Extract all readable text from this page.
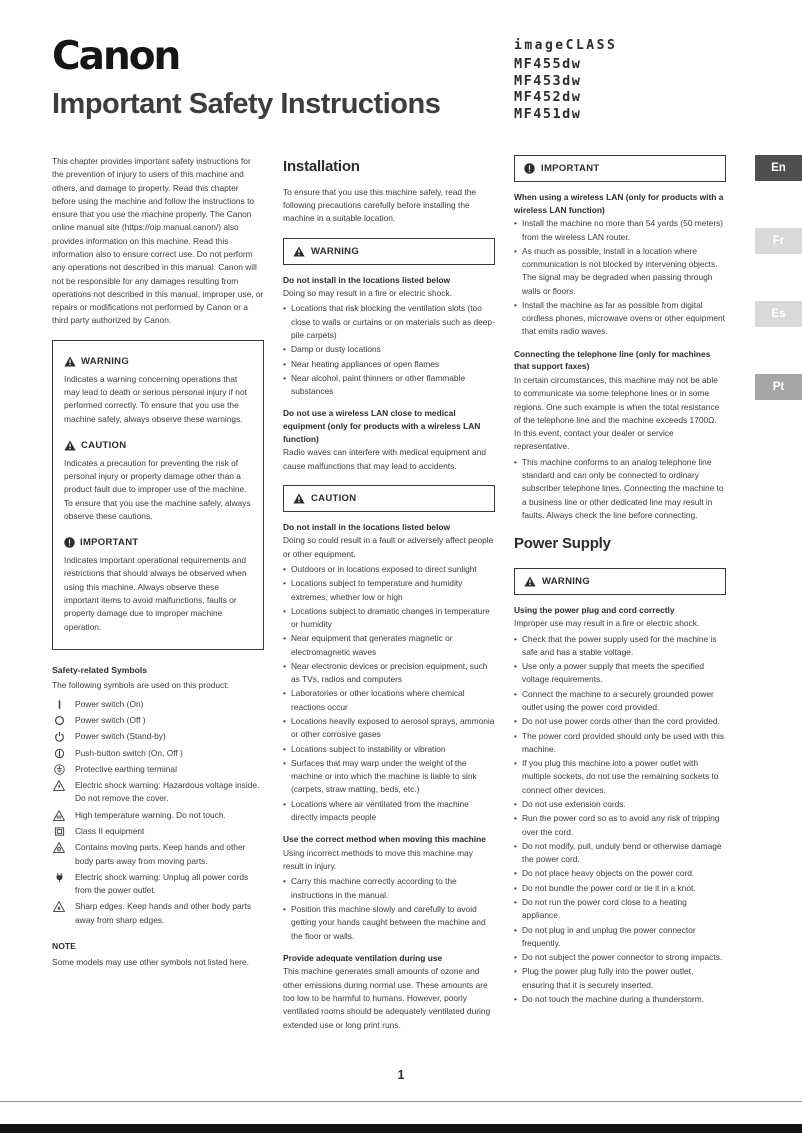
Canon
Important Safety Instructions
imageCLASS
MF455dw
MF453dw
MF452dw
MF451dw
En
Fr
Es
Pt

This chapter provides important safety instructions for the prevention of injury to users of this machine and others, and damage to property. Read this chapter before using the machine and follow the instructions to ensure that you use the machine properly. The Canon online manual site (https://oip.manual.canon/) also provides information on this machine. Read this information also to ensure correct use. Do not perform any operations not described in this manual. Canon will not be responsible for any damages resulting from operations not described in this manual, improper use, or repairs or modifications not performed by Canon or a third party authorized by Canon.

WARNING

Indicates a warning concerning operations that may lead to death or serious personal injury if not performed correctly. To ensure that you use the machine safely, always observe these warnings.

CAUTION

Indicates a precaution for preventing the risk of personal injury or property damage other than a product fault due to improper use of the machine. To ensure that you use the machine safely, always observe these cautions.

IMPORTANT

Indicates important operational requirements and restrictions that should always be observed when using this machine. Always observe these important items to avoid malfunctions, faults or property damage due to improper machine operation.

Safety-related Symbols

The following symbols are used on this product:

Power switch (On)
Power switch (Off )
Power switch (Stand-by)
Push-button switch (On, Off )
Protective earthing terminal
Electric shock warning: Hazardous voltage inside. Do not remove the cover.
High temperature warning. Do not touch.
Class II equipment
Contains moving parts. Keep hands and other body parts away from moving parts.
Electric shock warning: Unplug all power cords from the power outlet.
Sharp edges. Keep hands and other body parts away from sharp edges.
NOTE

Some models may use other symbols not listed here.

Installation

To ensure that you use this machine safely, read the following precautions carefully before installing the machine in a suitable location.

WARNING
Do not install in the locations listed below

Doing so may result in a fire or electric shock.

• Locations that risk blocking the ventilation slots (too close to walls or curtains or on materials such as deep-pile carpets)
• Damp or dusty locations
• Near heating appliances or open flames
• Near alcohol, paint thinners or other flammable substances
Do not use a wireless LAN close to medical equipment (only for products with a wireless LAN function)

Radio waves can interfere with medical equipment and cause malfunctions that may lead to accidents.

CAUTION
Do not install in the locations listed below

Doing so could result in a fault or adversely affect people or other equipment.

• Outdoors or in locations exposed to direct sunlight
• Locations subject to temperature and humidity extremes, whether low or high
• Locations subject to dramatic changes in temperature or humidity
• Near equipment that generates magnetic or electromagnetic waves
• Near electronic devices or precision equipment, such as TVs, radios and computers
• Laboratories or other locations where chemical reactions occur
• Locations heavily exposed to aerosol sprays, ammonia or other corrosive gases
• Locations subject to instability or vibration
• Surfaces that may warp under the weight of the machine or into which the machine is liable to sink (carpets, straw matting, beds, etc.)
• Locations where air ventilated from the machine directly impacts people
Use the correct method when moving this machine

Using incorrect methods to move this machine may result in injury.

• Carry this machine correctly according to the instructions in the manual.
• Position this machine slowly and carefully to avoid getting your hands caught between the machine and the floor or walls.
Provide adequate ventilation during use

This machine generates small amounts of ozone and other emissions during normal use. These amounts are too low to be harmful to humans. However, poorly ventilated rooms should be adequately ventilated during extended use or long print runs.

IMPORTANT
When using a wireless LAN (only for products with a wireless LAN function)
• Install the machine no more than 54 yards (50 meters) from the wireless LAN router.
• As much as possible, install in a location where communication is not blocked by intervening objects. The signal may be degraded when passing through walls or floors.
• Install the machine as far as possible from digital cordless phones, microwave ovens or other equipment that emits radio waves.
Connecting the telephone line (only for machines that support faxes)

In certain circumstances, this machine may not be able to communicate via some telephone lines or in some regions. One such example is when the total resistance of the telephone line and the machine exceeds 1700Ω. In this event, contact your dealer or service representative.

• This machine conforms to an analog telephone line standard and can only be connected to ordinary subscriber telephone lines. Connecting the machine to a business line or other dedicated line may result in faults. Always check the line before connecting.
Power Supply
WARNING
Using the power plug and cord correctly

Improper use may result in a fire or electric shock.

• Check that the power supply used for the machine is safe and has a stable voltage.
• Use only a power supply that meets the specified voltage requirements.
• Connect the machine to a securely grounded power outlet using the power cord provided.
• Do not use power cords other than the cord provided.
• The power cord provided should only be used with this machine.
• If you plug this machine into a power outlet with multiple sockets, do not use the remaining sockets to connect other devices.
• Do not use extension cords.
• Run the power cord so as to avoid any risk of tripping over the cord.
• Do not modify, pull, unduly bend or otherwise damage the power cord.
• Do not place heavy objects on the power cord.
• Do not bundle the power cord or tie it in a knot.
• Do not run the power cord close to a heating appliance.
• Do not plug in and unplug the power connector frequently.
• Do not subject the power connector to strong impacts.
• Plug the power plug fully into the power outlet, ensuring that it is securely inserted.
• Do not touch the machine during a thunderstorm.
1
